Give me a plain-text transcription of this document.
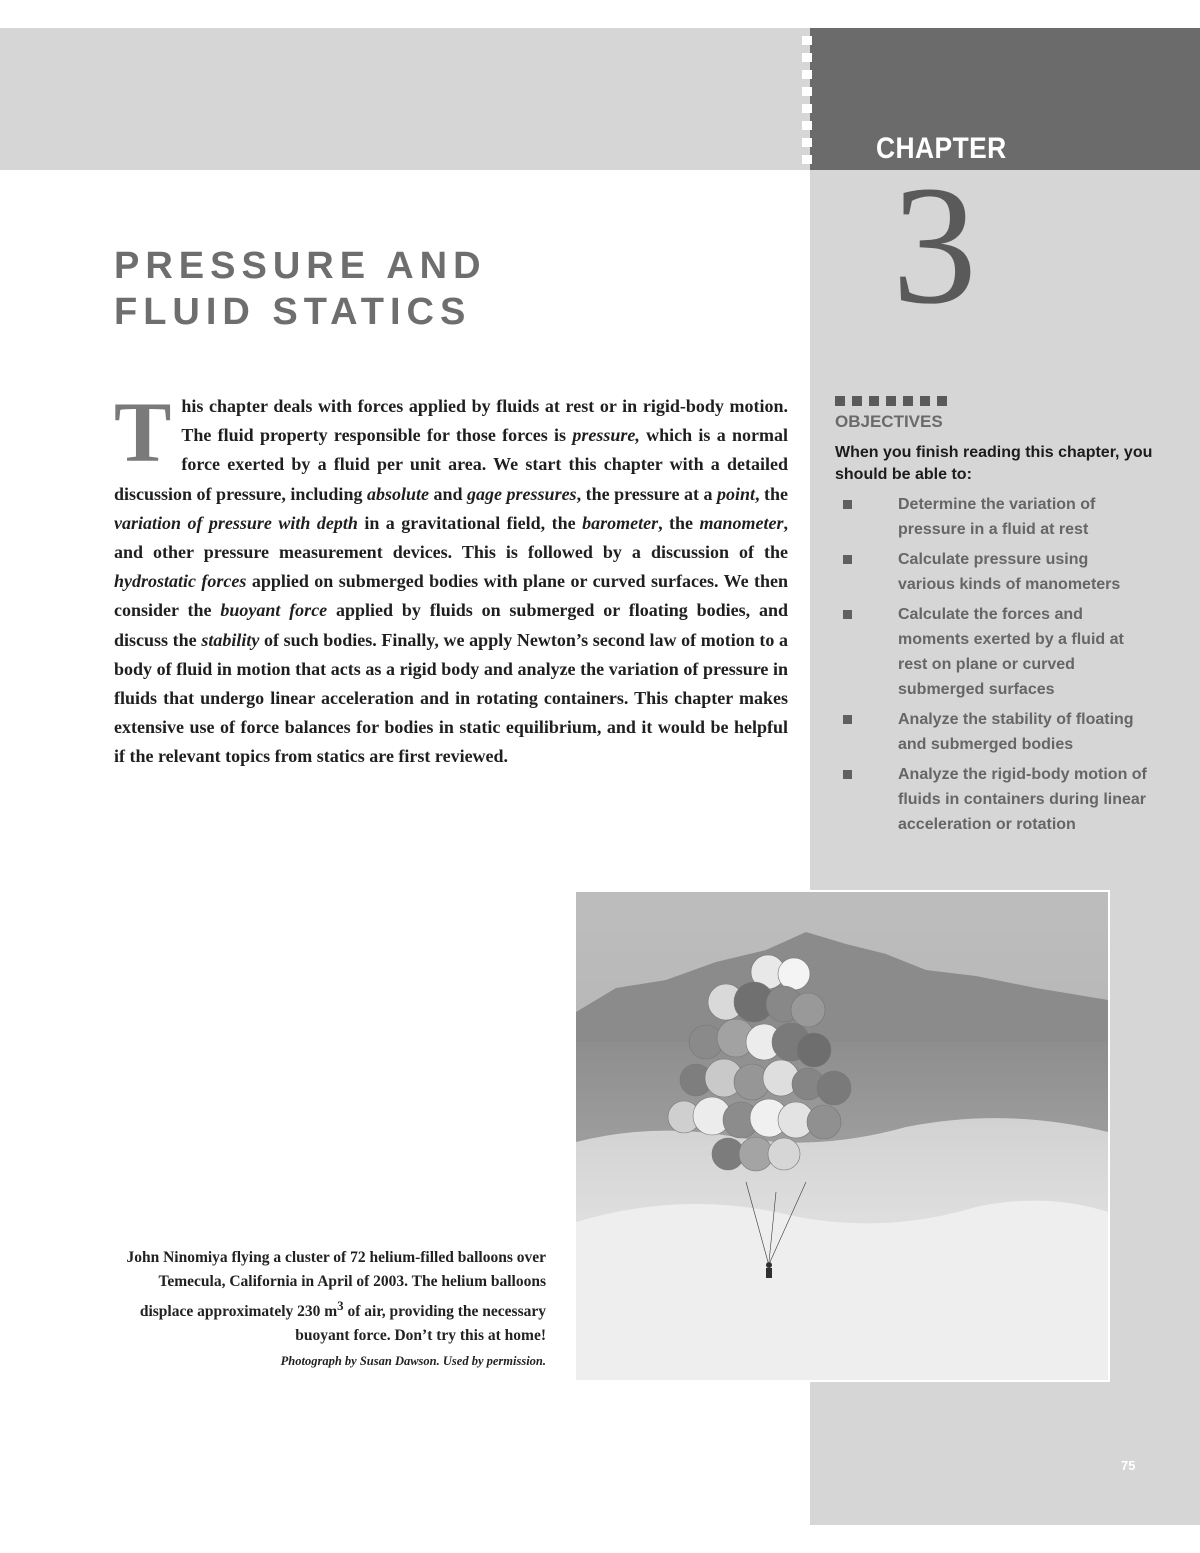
CHAPTER
3
PRESSURE AND
FLUID STATICS

This chapter deals with forces applied by fluids at rest or in rigid-body motion. The fluid property responsible for those forces is pressure, which is a normal force exerted by a fluid per unit area. We start this chapter with a detailed discussion of pressure, including absolute and gage pressures, the pressure at a point, the variation of pressure with depth in a gravitational field, the barometer, the manometer, and other pressure measurement devices. This is followed by a discussion of the hydrostatic forces applied on submerged bodies with plane or curved surfaces. We then consider the buoyant force applied by fluids on submerged or floating bodies, and discuss the stability of such bodies. Finally, we apply Newton’s second law of motion to a body of fluid in motion that acts as a rigid body and analyze the variation of pressure in fluids that undergo linear acceleration and in rotating containers. This chapter makes extensive use of force balances for bodies in static equilibrium, and it would be helpful if the relevant topics from statics are first reviewed.

OBJECTIVES
When you finish reading this chapter, you should be able to:
Determine the variation of pressure in a fluid at rest
Calculate pressure using various kinds of manometers
Calculate the forces and moments exerted by a fluid at rest on plane or curved submerged surfaces
Analyze the stability of floating and submerged bodies
Analyze the rigid-body motion of fluids in containers during linear acceleration or rotation
John Ninomiya flying a cluster of 72 helium-filled balloons over Temecula, California in April of 2003. The helium balloons displace approximately 230 $m^3$ of air, providing the necessary buoyant force. Don’t try this at home!
Photograph by Susan Dawson. Used by permission.
75
